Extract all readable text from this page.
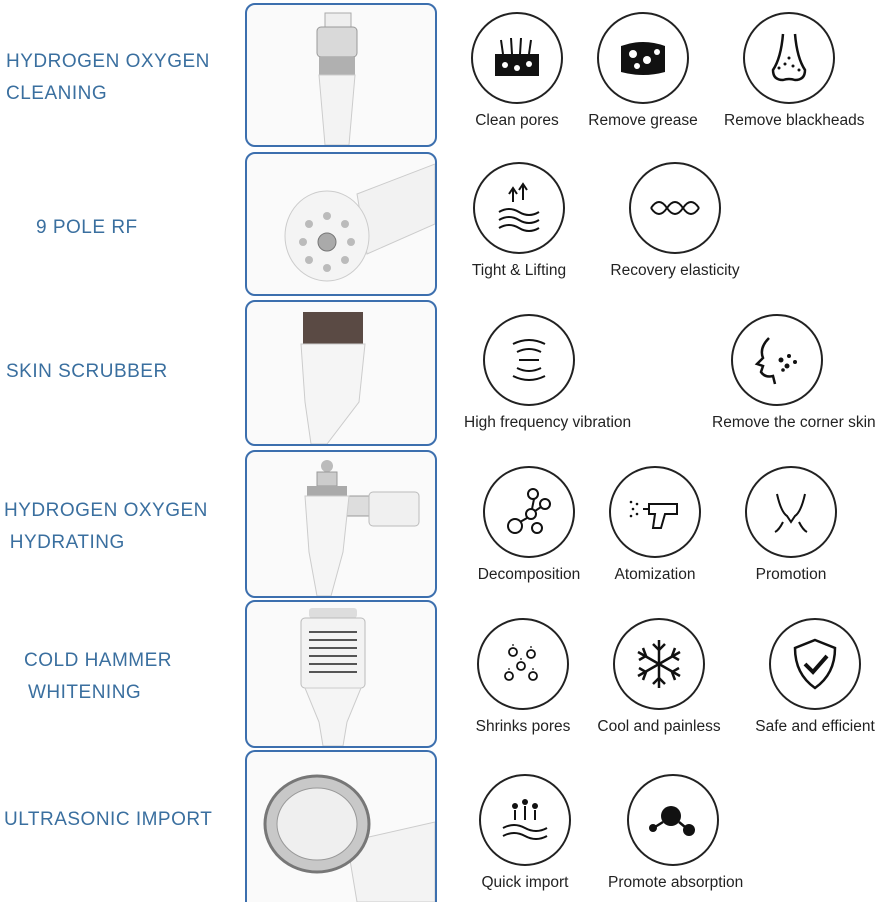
HYDROGEN OXYGEN
CLEANING
Clean pores	Remove grease	Remove blackheads
9 POLE RF
Tight & Lifting	Recovery elasticity
SKIN SCRUBBER
High frequency vibration	Remove the corner skin
HYDROGEN OXYGEN
HYDRATING
Decomposition	Atomization	Promotion
COLD HAMMER
WHITENING
Shrinks pores	Cool and painless	Safe and efficient
ULTRASONIC IMPORT
Quick import	Promote absorption
